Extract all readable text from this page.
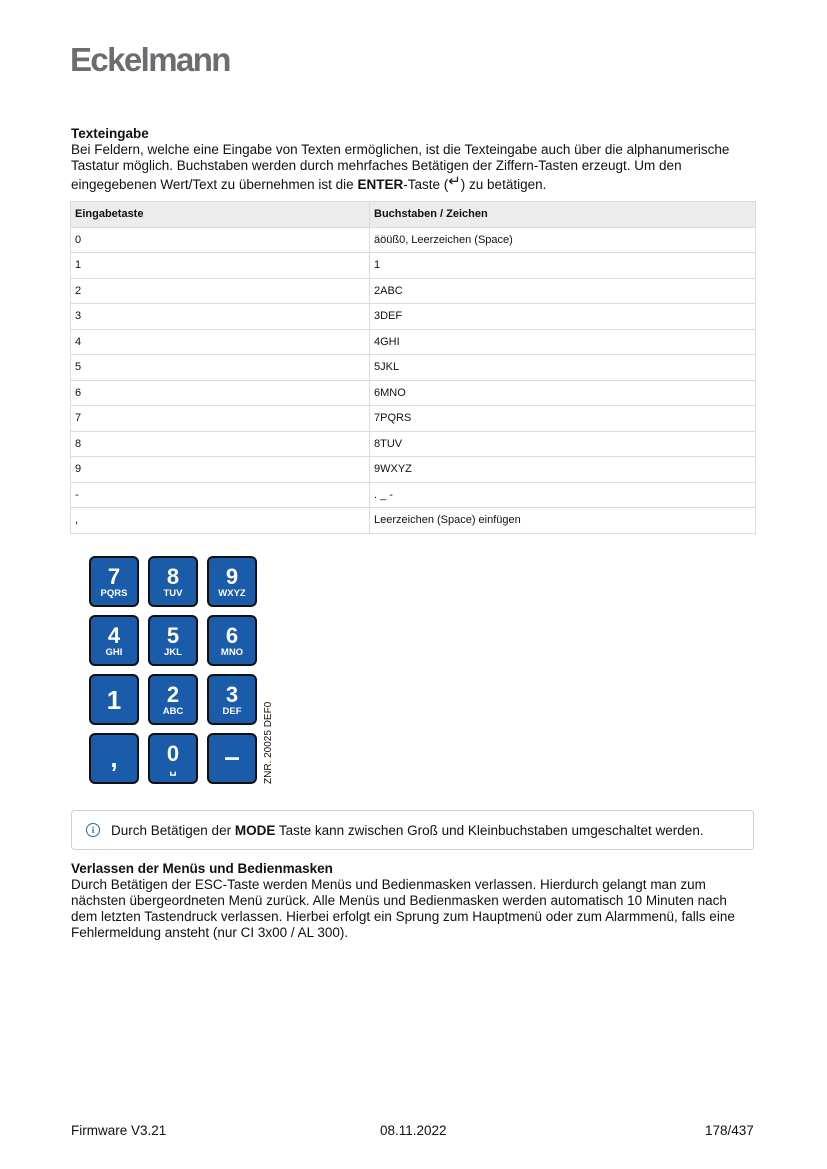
Eckelmann
Texteingabe
Bei Feldern, welche eine Eingabe von Texten ermöglichen, ist die Texteingabe auch über die alphanumerische
Tastatur möglich. Buchstaben werden durch mehrfaches Betätigen der Ziffern-Tasten erzeugt. Um den
eingegebenen Wert/Text zu übernehmen ist die ENTER-Taste (↵) zu betätigen.
Eingabetaste	Buchstaben / Zeichen
0	äöüß0, Leerzeichen (Space)
1	1
2	2ABC
3	3DEF
4	4GHI
5	5JKL
6	6MNO
7	7PQRS
8	8TUV
9	9WXYZ
-	. _ -
,	Leerzeichen (Space) einfügen
7
PQRS
8
TUV
9
WXYZ
4
GHI
5
JKL
6
MNO
1	2
ABC
3
DEF
,	0
␣	–	ZNR. 20025 DEF0
i	Durch Betätigen der MODE Taste kann zwischen Groß und Kleinbuchstaben umgeschaltet werden.
Verlassen der Menüs und Bedienmasken
Durch Betätigen der ESC-Taste werden Menüs und Bedienmasken verlassen. Hierdurch gelangt man zum
nächsten übergeordneten Menü zurück. Alle Menüs und Bedienmasken werden automatisch 10 Minuten nach
dem letzten Tastendruck verlassen. Hierbei erfolgt ein Sprung zum Hauptmenü oder zum Alarmmenü, falls eine
Fehlermeldung ansteht (nur CI 3x00 / AL 300).
Firmware V3.21	08.11.2022	178/437
